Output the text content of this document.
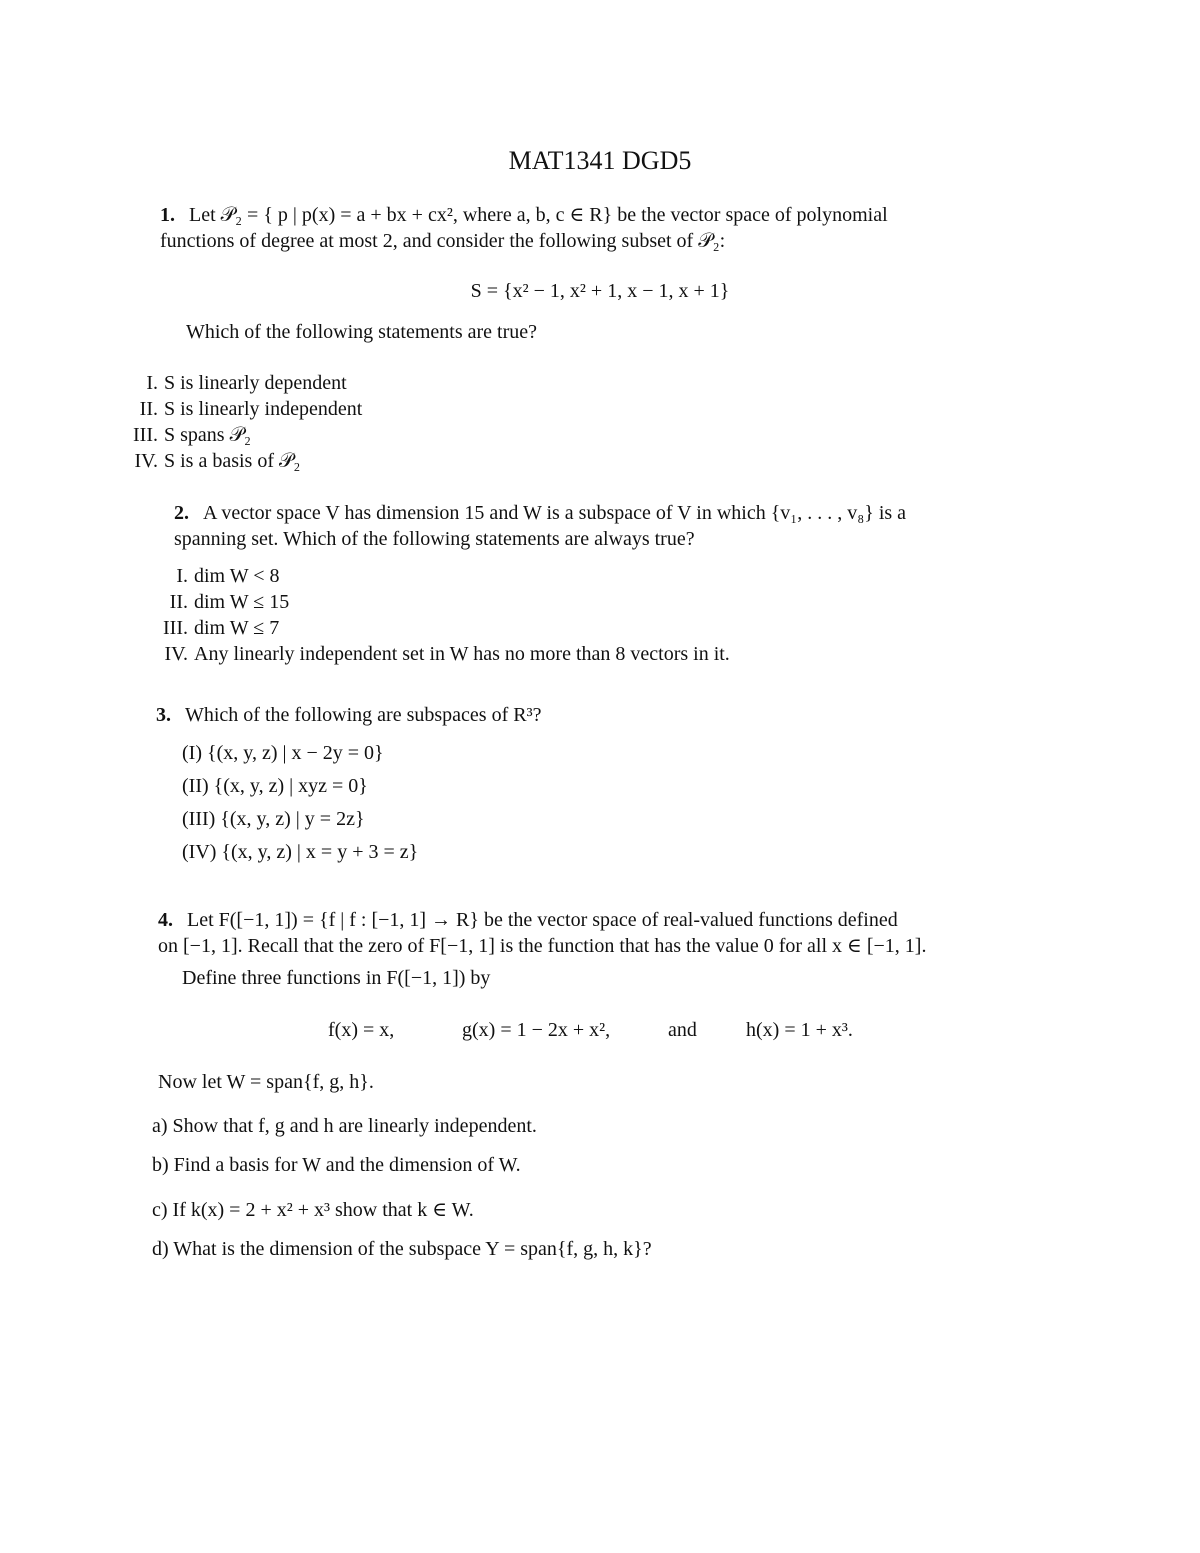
MAT1341 DGD5
1. Let 𝒫₂ = { p | p(x) = a + bx + cx², where a, b, c ∈ R} be the vector space of polynomial
functions of degree at most 2, and consider the following subset of 𝒫₂:
S = {x² − 1, x² + 1, x − 1, x + 1}
Which of the following statements are true?
I. S is linearly dependent
II. S is linearly independent
III. S spans 𝒫₂
IV. S is a basis of 𝒫₂
2. A vector space V has dimension 15 and W is a subspace of V in which {v₁, . . . , v₈} is a
spanning set. Which of the following statements are always true?
I. dim W < 8
II. dim W ≤ 15
III. dim W ≤ 7
IV. Any linearly independent set in W has no more than 8 vectors in it.
3. Which of the following are subspaces of R³?
(I) {(x, y, z) | x − 2y = 0}
(II) {(x, y, z) | xyz = 0}
(III) {(x, y, z) | y = 2z}
(IV) {(x, y, z) | x = y + 3 = z}
4. Let F([−1, 1]) = {f | f : [−1, 1] → R} be the vector space of real-valued functions defined
on [−1, 1]. Recall that the zero of F[−1, 1] is the function that has the value 0 for all x ∈ [−1, 1].
Define three functions in F([−1, 1]) by
f(x) = x,	g(x) = 1 − 2x + x²,	and h(x) = 1 + x³.
Now let W = span{f, g, h}.
a) Show that f, g and h are linearly independent.
b) Find a basis for W and the dimension of W.
c) If k(x) = 2 + x² + x³ show that k ∈ W.
d) What is the dimension of the subspace Y = span{f, g, h, k}?
